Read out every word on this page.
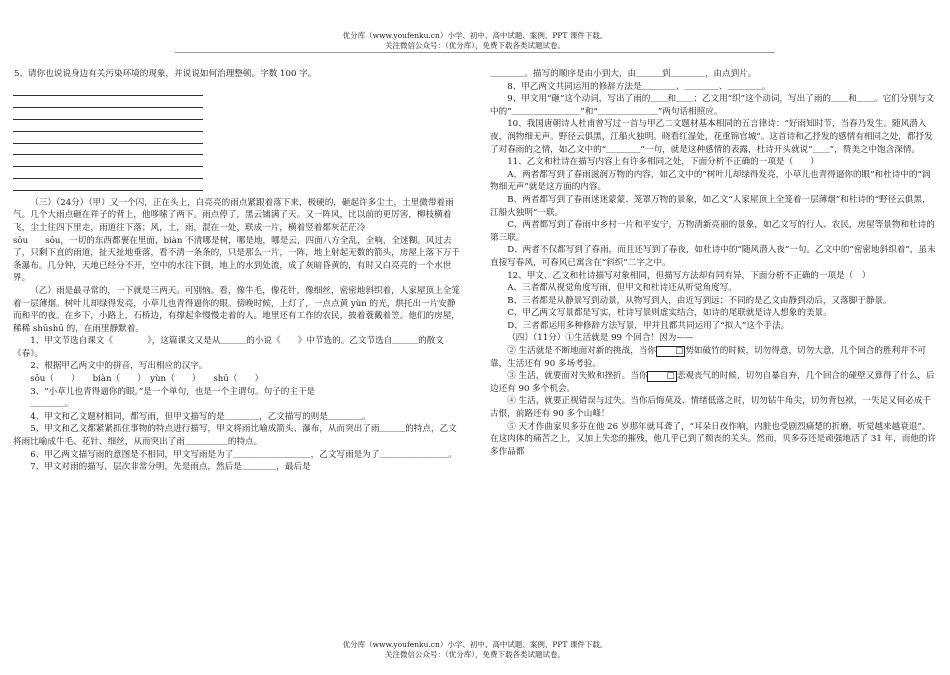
优分库（www.youfenku.cn）小学、初中、高中试题、案例、PPT 课件下载。
关注微信公众号：（优分库），免费下载各类试题试卷。

5、请你也说说身边有关污染环境的现象，并说说如何治理整顿。字数 100 字。

（三）（24分）（甲）又一个闪，正在头上，白亮亮的雨点紧跟着落下来，极硬的，砸起许多尘土，土里微带着雨气。几个大雨点砸在祥子的背上，他哆嗦了两下。雨点停了，黑云铺满了天。又一阵风，比以前的更厉害，柳枝横着飞，尘土往四下里走，雨道往下落；风，土，雨，混在一处，联成一片，横着竖着都灰茫茫冷

sōu　　sōu，一切的东西都裹在里面，biàn 不清哪是树，哪是地，哪是云，四面八方全乱，全响，全迷糊。风过去了，只剩下直的雨道，扯天扯地垂落，看不清一条条的，只是那么一片，一阵，地上射起无数的箭头，房屋上落下万千条瀑布。几分钟，天地已经分不开，空中的水往下倒，地上的水到处流，成了灰暗昏黄的，有时又白亮亮的一个水世界。

（乙）雨是最寻常的，一下就是三两天。可别恼。看，像牛毛，像花针，像细丝，密密地斜织着，人家屋顶上全笼着一层薄烟。树叶儿却绿得发亮，小草儿也青得逼你的眼。傍晚时候，上灯了，一点点黄 yùn 的光，烘托出一片安静而和平的夜。在乡下，小路上，石桥边，有撑起伞慢慢走着的人。地里还有工作的农民，披着蓑戴着笠。他们的房屋，稀稀 shūshū 的，在雨里静默着。

1、甲文节选自课文《　　　　》，这篇课文又是从＿＿＿的小说《　　》中节选的。乙文节选自＿＿＿的散文《春》。

2、根据甲乙两文中的拼音，写出相应的汉字。

sōu（　　）　　biàn（　　）　yùn（　　）　　shū（　　）

3、“小草儿也青得逼你的眼。”是一个单句，也是一个主谓句。句子的主干是

＿＿＿＿。

4、甲文和乙文题材相同，都写雨，但甲文描写的是＿＿＿＿，乙文描写的则是＿＿＿＿。

5、甲文和乙文都紧紧抓住事物的特点进行描写，甲文将雨比喻成箭头、瀑布，从而突出了雨＿＿＿的特点，乙文将雨比喻成牛毛、花针、细丝，从而突出了雨＿＿＿＿＿的特点。

6、甲乙两文描写雨的意图是不相同，甲文写雨是为了＿＿＿＿＿＿＿＿＿，乙文写雨是为了＿＿＿＿＿＿＿＿。

7、甲文对雨的描写，层次非常分明，先是雨点，然后是＿＿＿＿，最后是

＿＿＿＿。描写的顺序是由小到大，由＿＿＿到＿＿＿＿，由点到片。

8、甲乙两文共同运用的修辞方法是＿＿＿＿、＿＿＿＿、＿＿＿＿。

9、甲文用“砸”这个动词，写出了雨的＿＿和＿＿；乙文用“织”这个动词，写出了雨的＿＿和＿＿。它们分别与文中的“＿＿＿＿＿＿＿＿”和“＿＿＿＿＿＿＿”两句话相照应。

10、我国唐朝诗人杜甫曾写过一首与甲乙二文题材基本相同的五言律诗：“好雨知时节，当春乃发生。随风潜入夜，润物细无声。野径云俱黑，江船火独明。晓看红湿处，花重锦官城”。这首诗和乙抒发的感情有相同之处，都抒发了对春雨的之情，如乙文中的“＿＿＿＿”一句，就是这种感情的表露，杜诗开头就说“＿＿”，赞美之中饱含深情。

11、乙文和杜诗在描写内容上有许多相同之处，下面分析不正确的一项是（　　）

A、两者都写到了春雨滋润万物的内容，如乙文中的“树叶儿却绿得发亮，小草儿也青得逼你的眼”和杜诗中的“润物细无声”就是这方面的内容。

B、两者都写到了春雨迷迷蒙蒙、笼罩万物的景象，如乙文“人家屋顶上全笼着一层薄烟”和杜诗的“野径云俱黑，江船火独明”一联。

C、两者都写到了春雨中乡村一片和平安宁，万物清新亮丽的景象，如乙文写的行人、农民，房屋等景物和杜诗的第三联。

D、两者不仅都写到了春雨，而且还写到了春夜，如杜诗中的“随风潜入夜”一句。乙文中的“密密地斜织着”，虽未直接写春风，可春风已寓含在“斜织”二字之中。

12、甲文、乙文和杜诗描写对象相同，但描写方法却有同有异，下面分析不正确的一项是（　）

A、三者都从视觉角度写雨，但甲文和杜诗还从听觉角度写。

B、三者都是从静景写到动景，从物写到人，由近写到远；不同的是乙文由静到动后，又落脚于静景。

C、甲乙两文写景都是写实，杜诗写景则虚实结合，如诗的尾联就是诗人想象的美景。

D、三者都运用多种修辞方法写景，甲并且都共同运用了“拟人”这个手法。

（四）（11分）①生活就是 99 个回合！因为——

② 生活就是不断地面对新的挑战，当你 □ 势如破竹的时候，切勿得意，切勿大意，几个回合的胜利并不可靠，生活还有 90 多场考验。

③ 生活，就要面对失败和挫折。当你 □ 悲观丧气的时候，切勿自暴自弃，几个回合的碰壁又算得了什么，后边还有 90 多个机会。

④ 生活，就要正视错误与过失。当你后悔莫及、情绪低落之时，切勿钻牛角尖，切勿背包袱，一失足又何必成千古恨，前路还有 90 多个山峰！

⑤ 天才作曲家贝多芬在他 26 岁那年就耳聋了，“耳朵日夜作响，内脏也受剧烈痛楚的折磨，听觉越来越衰退”。在这肉体的痛苦之上，又加上失恋的摧残，他几乎已到了颓丧的关头。然而，贝多芬还是顽强地活了 31 年，而他的许多作品都

优分库（www.youfenku.cn）小学、初中、高中试题、案例、PPT 课件下载。
关注微信公众号：（优分库），免费下载各类试题试卷。
